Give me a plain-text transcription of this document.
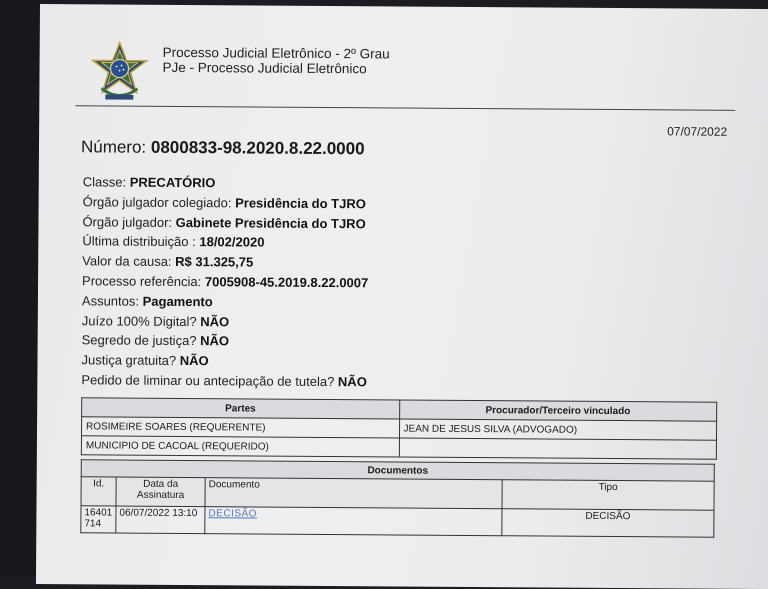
Processo Judicial Eletrônico - 2º Grau
PJe - Processo Judicial Eletrônico
07/07/2022
Número: 0800833-98.2020.8.22.0000
Classe: PRECATÓRIO
Órgão julgador colegiado: Presidência do TJRO
Órgão julgador: Gabinete Presidência do TJRO
Última distribuição : 18/02/2020
Valor da causa: R$ 31.325,75
Processo referência: 7005908-45.2019.8.22.0007
Assuntos: Pagamento
Juízo 100% Digital? NÃO
Segredo de justiça? NÃO
Justiça gratuita? NÃO
Pedido de liminar ou antecipação de tutela? NÃO
Partes	Procurador/Terceiro vinculado
ROSIMEIRE SOARES (REQUERENTE)	JEAN DE JESUS SILVA (ADVOGADO)
MUNICIPIO DE CACOAL (REQUERIDO)	
Documentos			
Id.	Data da Assinatura	Documento	Tipo
16401714	06/07/2022 13:10	DECISÃO	DECISÃO
